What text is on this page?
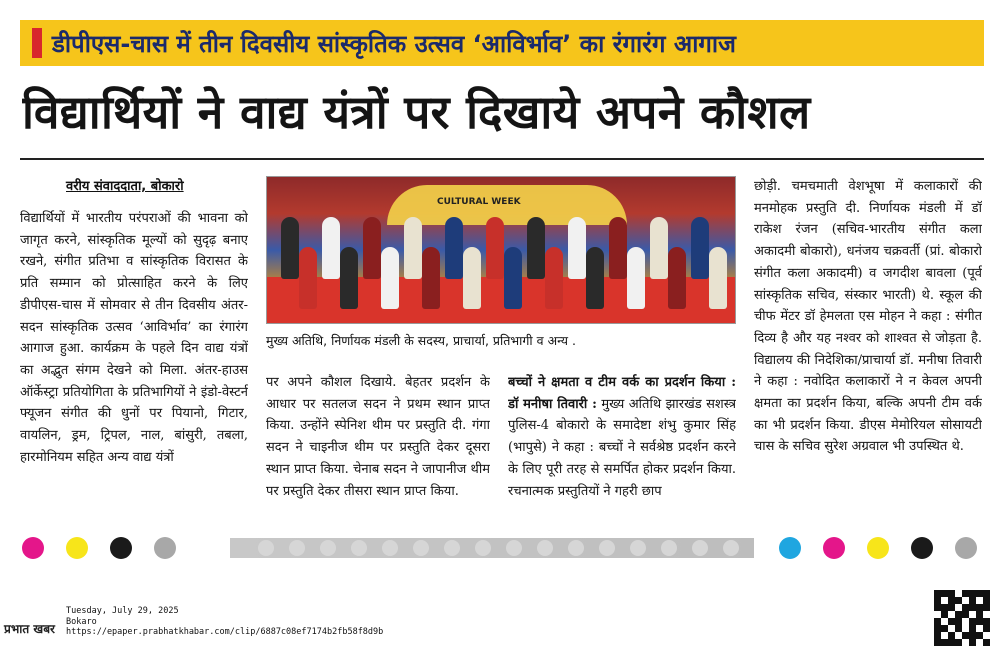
डीपीएस-चास में तीन दिवसीय सांस्कृतिक उत्सव ‘आविर्भाव’ का रंगारंग आगाज
विद्यार्थियों ने वाद्य यंत्रों पर दिखाये अपने कौशल
वरीय संवाददाता, बोकारो

विद्यार्थियों में भारतीय परंपराओं की भावना को जागृत करने, सांस्कृतिक मूल्यों को सुदृढ़ बनाए रखने, संगीत प्रतिभा व सांस्कृतिक विरासत के प्रति सम्मान को प्रोत्साहित करने के लिए डीपीएस-चास में सोमवार से तीन दिवसीय अंतर-सदन सांस्कृतिक उत्सव ‘आविर्भाव’ का रंगारंग आगाज हुआ. कार्यक्रम के पहले दिन वाद्य यंत्रों का अद्भुत संगम देखने को मिला. अंतर-हाउस ऑर्केस्ट्रा प्रतियोगिता के प्रतिभागियों ने इंडो-वेस्टर्न फ्यूजन संगीत की धुनों पर पियानो, गिटार, वायलिन, ड्रम, ट्रिपल, नाल, बांसुरी, तबला, हारमोनियम सहित अन्य वाद्य यंत्रों

CULTURAL WEEK
मुख्य अतिथि, निर्णायक मंडली के सदस्य, प्राचार्या, प्रतिभागी व अन्य .

पर अपने कौशल दिखाये. बेहतर प्रदर्शन के आधार पर सतलज सदन ने प्रथम स्थान प्राप्त किया. उन्होंने स्पेनिश थीम पर प्रस्तुति दी. गंगा सदन ने चाइनीज थीम पर प्रस्तुति देकर दूसरा स्थान प्राप्त किया. चेनाब सदन ने जापानीज थीम पर प्रस्तुति देकर तीसरा स्थान प्राप्त किया.

बच्चों ने क्षमता व टीम वर्क का प्रदर्शन किया : डॉ मनीषा तिवारी : मुख्य अतिथि झारखंड सशस्त्र पुलिस-4 बोकारो के समादेष्टा शंभु कुमार सिंह (भापुसे) ने कहा : बच्चों ने सर्वश्रेष्ठ प्रदर्शन करने के लिए पूरी तरह से समर्पित होकर प्रदर्शन किया. रचनात्मक प्रस्तुतियों ने गहरी छाप

छोड़ी. चमचमाती वेशभूषा में कलाकारों की मनमोहक प्रस्तुति दी. निर्णायक मंडली में डॉ राकेश रंजन (सचिव-भारतीय संगीत कला अकादमी बोकारो), धनंजय चक्रवर्ती (प्रां. बोकारो संगीत कला अकादमी) व जगदीश बावला (पूर्व सांस्कृतिक सचिव, संस्कार भारती) थे. स्कूल की चीफ मेंटर डॉ हेमलता एस मोहन ने कहा : संगीत दिव्य है और यह नश्वर को शाश्वत से जोड़ता है. विद्यालय की निदेशिका/प्राचार्या डॉ. मनीषा तिवारी ने कहा : नवोदित कलाकारों ने न केवल अपनी क्षमता का प्रदर्शन किया, बल्कि अपनी टीम वर्क का भी प्रदर्शन किया. डीएस मेमोरियल सोसायटी चास के सचिव सुरेश अग्रवाल भी उपस्थित थे.

प्रभात खबर
Tuesday, July 29, 2025
Bokaro
https://epaper.prabhatkhabar.com/clip/6887c08ef7174b2fb58f8d9b
